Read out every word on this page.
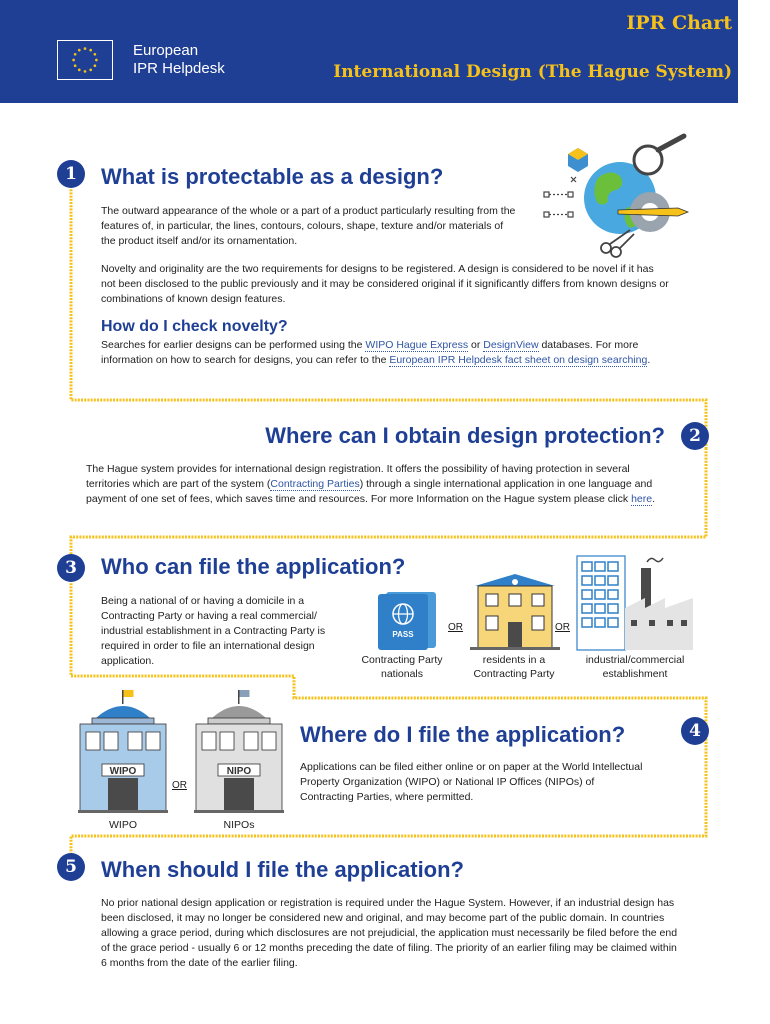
European
IPR Helpdesk
IPR Chart
International Design (The Hague System)
1	What is protectable as a design?
The outward appearance of the whole or a part of a product particularly resulting from the features of, in particular, the lines, contours, colours, shape, texture and/or materials of the product itself and/or its ornamentation.
Novelty and originality are the two requirements for designs to be registered. A design is considered to be novel if it has not been disclosed to the public previously and it may be considered original if it significantly differs from known designs or combinations of known design features.
How do I check novelty?
Searches for earlier designs can be performed using the WIPO Hague Express or DesignView databases. For more information on how to search for designs, you can refer to the European IPR Helpdesk fact sheet on design searching.
Where can I obtain design protection?	2
The Hague system provides for international design registration. It offers the possibility of having protection in several territories which are part of the system (Contracting Parties) through a single international application in one language and payment of one set of fees, which saves time and resources. For more Information on the Hague system please click here.
3	Who can file the application?
Being a national of or having a domicile in a Contracting Party or having a real commercial/ industrial establishment in a Contracting Party is required in order to file an international design application.
PASS
OR	OR
Contracting Party nationals
residents in a Contracting Party
industrial/commercial establishment
WIPO
OR
NIPO
WIPO	NIPOs
Where do I file the application?	4
Applications can be filed either online or on paper at the World Intellectual Property Organization (WIPO) or National IP Offices (NIPOs) of Contracting Parties, where permitted.
5	When should I file the application?
No prior national design application or registration is required under the Hague System. However, if an industrial design has been disclosed, it may no longer be considered new and original, and may become part of the public domain. In countries allowing a grace period, during which disclosures are not prejudicial, the application must necessarily be filed before the end of the grace period - usually 6 or 12 months preceding the date of filing. The priority of an earlier filing may be claimed within 6 months from the date of the earlier filing.
